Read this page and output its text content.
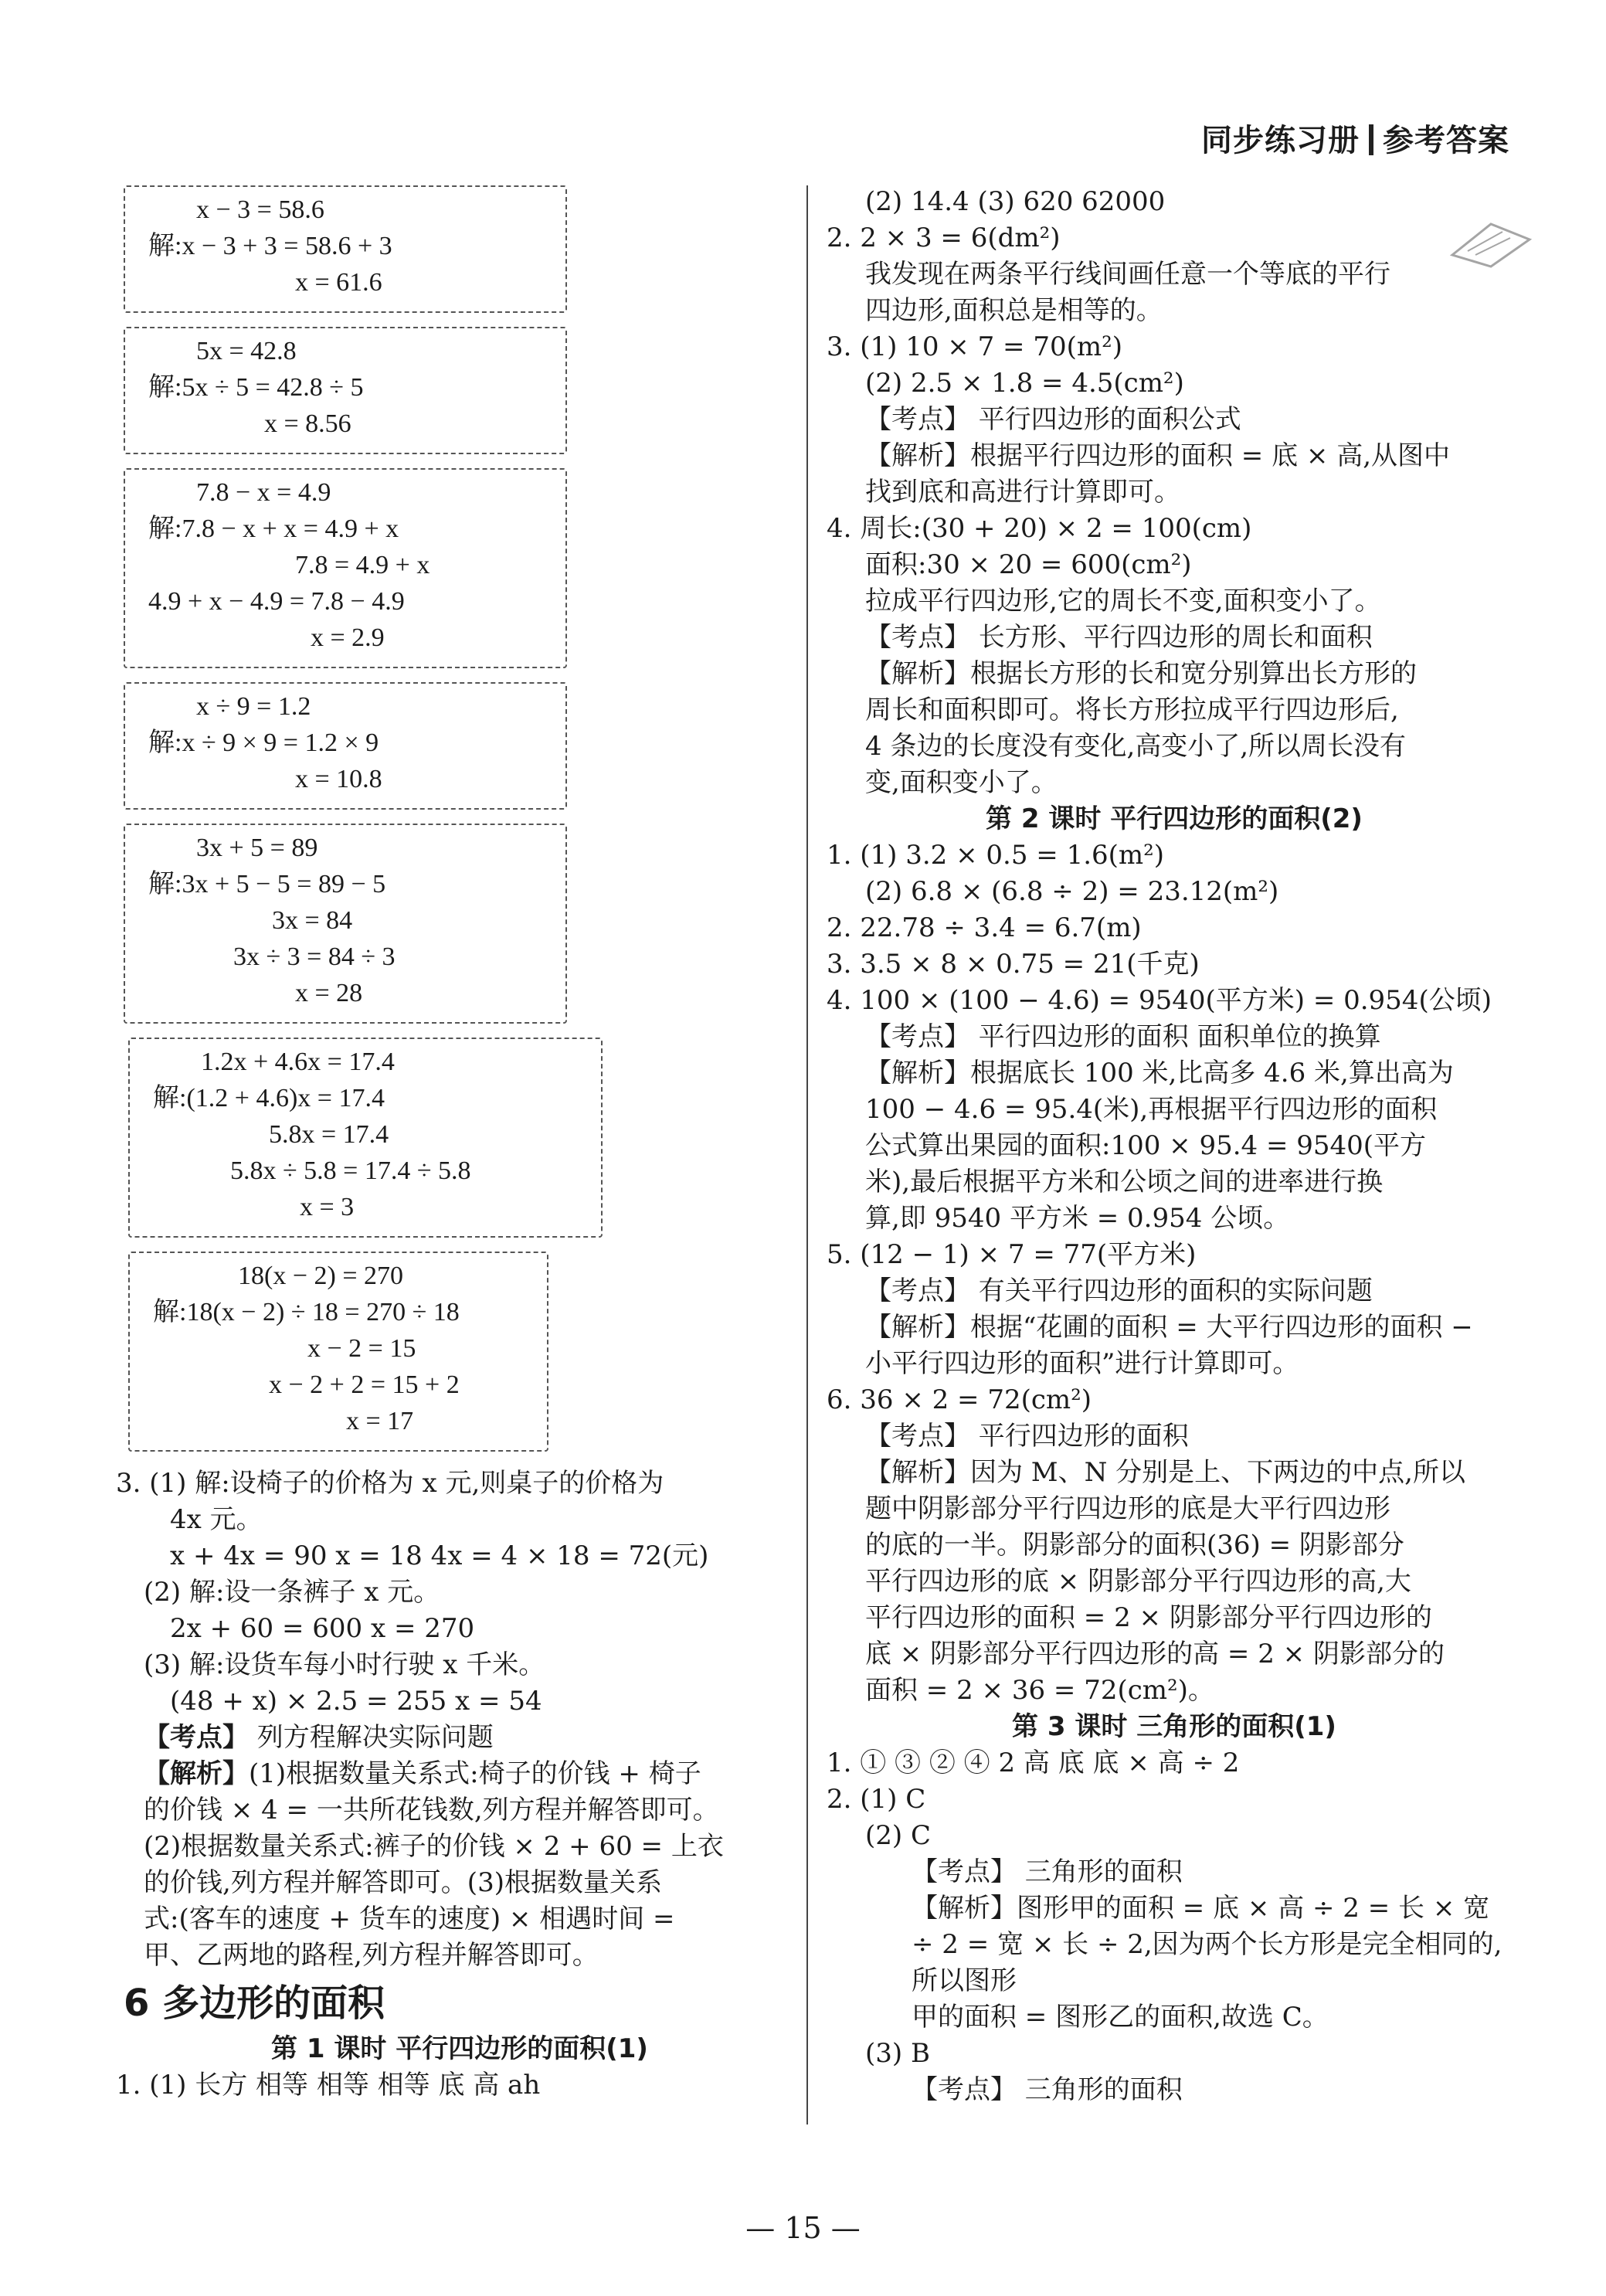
同步练习册 参考答案

x − 3 = 58.6

解:x − 3 + 3 = 58.6 + 3

x = 61.6

5x = 42.8

解:5x ÷ 5 = 42.8 ÷ 5

x = 8.56

7.8 − x = 4.9

解:7.8 − x + x = 4.9 + x

7.8 = 4.9 + x

4.9 + x − 4.9 = 7.8 − 4.9

x = 2.9

x ÷ 9 = 1.2

解:x ÷ 9 × 9 = 1.2 × 9

x = 10.8

3x + 5 = 89

解:3x + 5 − 5 = 89 − 5

3x = 84

3x ÷ 3 = 84 ÷ 3

x = 28

1.2x + 4.6x = 17.4

解:(1.2 + 4.6)x = 17.4

5.8x = 17.4

5.8x ÷ 5.8 = 17.4 ÷ 5.8

x = 3

18(x − 2) = 270

解:18(x − 2) ÷ 18 = 270 ÷ 18

x − 2 = 15

x − 2 + 2 = 15 + 2

x = 17

3. (1) 解:设椅子的价格为 x 元,则桌子的价格为

4x 元。

x + 4x = 90 x = 18 4x = 4 × 18 = 72(元)

(2) 解:设一条裤子 x 元。

2x + 60 = 600 x = 270

(3) 解:设货车每小时行驶 x 千米。

(48 + x) × 2.5 = 255 x = 54

【考点】 列方程解决实际问题

【解析】(1)根据数量关系式:椅子的价钱 + 椅子

的价钱 × 4 = 一共所花钱数,列方程并解答即可。

(2)根据数量关系式:裤子的价钱 × 2 + 60 = 上衣

的价钱,列方程并解答即可。(3)根据数量关系

式:(客车的速度 + 货车的速度) × 相遇时间 =

甲、乙两地的路程,列方程并解答即可。

6 多边形的面积

第 1 课时 平行四边形的面积(1)

1. (1) 长方 相等 相等 相等 底 高 ah

(2) 14.4 (3) 620 62000

2. 2 × 3 = 6(dm²)

我发现在两条平行线间画任意一个等底的平行

四边形,面积总是相等的。

3. (1) 10 × 7 = 70(m²)

(2) 2.5 × 1.8 = 4.5(cm²)

【考点】 平行四边形的面积公式

【解析】根据平行四边形的面积 = 底 × 高,从图中

找到底和高进行计算即可。

4. 周长:(30 + 20) × 2 = 100(cm)

面积:30 × 20 = 600(cm²)

拉成平行四边形,它的周长不变,面积变小了。

【考点】 长方形、平行四边形的周长和面积

【解析】根据长方形的长和宽分别算出长方形的

周长和面积即可。将长方形拉成平行四边形后,

4 条边的长度没有变化,高变小了,所以周长没有

变,面积变小了。

第 2 课时 平行四边形的面积(2)

1. (1) 3.2 × 0.5 = 1.6(m²)

(2) 6.8 × (6.8 ÷ 2) = 23.12(m²)

2. 22.78 ÷ 3.4 = 6.7(m)

3. 3.5 × 8 × 0.75 = 21(千克)

4. 100 × (100 − 4.6) = 9540(平方米) = 0.954(公顷)

【考点】 平行四边形的面积 面积单位的换算

【解析】根据底长 100 米,比高多 4.6 米,算出高为

100 − 4.6 = 95.4(米),再根据平行四边形的面积

公式算出果园的面积:100 × 95.4 = 9540(平方

米),最后根据平方米和公顷之间的进率进行换

算,即 9540 平方米 = 0.954 公顷。

5. (12 − 1) × 7 = 77(平方米)

【考点】 有关平行四边形的面积的实际问题

【解析】根据“花圃的面积 = 大平行四边形的面积 −

小平行四边形的面积”进行计算即可。

6. 36 × 2 = 72(cm²)

【考点】 平行四边形的面积

【解析】因为 M、N 分别是上、下两边的中点,所以

题中阴影部分平行四边形的底是大平行四边形

的底的一半。阴影部分的面积(36) = 阴影部分

平行四边形的底 × 阴影部分平行四边形的高,大

平行四边形的面积 = 2 × 阴影部分平行四边形的

底 × 阴影部分平行四边形的高 = 2 × 阴影部分的

面积 = 2 × 36 = 72(cm²)。

第 3 课时 三角形的面积(1)

1. ① ③ ② ④ 2 高 底 底 × 高 ÷ 2

2. (1) C

(2) C

【考点】 三角形的面积

【解析】图形甲的面积 = 底 × 高 ÷ 2 = 长 × 宽

÷ 2 = 宽 × 长 ÷ 2,因为两个长方形是完全相同的,所以图形

甲的面积 = 图形乙的面积,故选 C。

(3) B

【考点】 三角形的面积

— 15 —
